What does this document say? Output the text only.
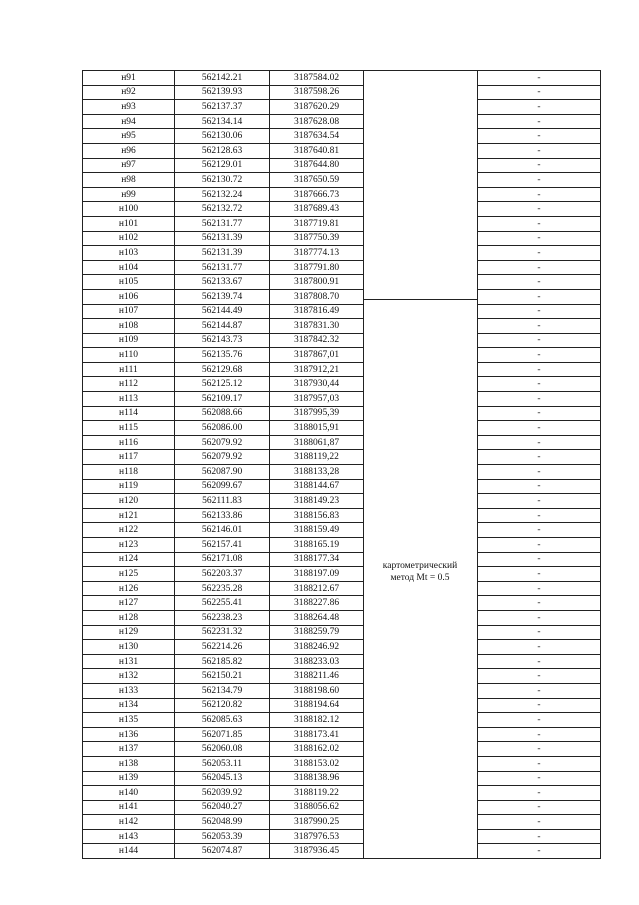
н91	562142.21	3187584.02		-
н92	562139.93	3187598.26		-
н93	562137.37	3187620.29		-
н94	562134.14	3187628.08		-
н95	562130.06	3187634.54		-
н96	562128.63	3187640.81		-
н97	562129.01	3187644.80		-
н98	562130.72	3187650.59		-
н99	562132.24	3187666.73		-
н100	562132.72	3187689.43		-
н101	562131.77	3187719.81		-
н102	562131.39	3187750.39		-
н103	562131.39	3187774.13		-
н104	562131.77	3187791.80		-
н105	562133.67	3187800.91		-
н106	562139.74	3187808.70		-
н107	562144.49	3187816.49		-
н108	562144.87	3187831.30		-
н109	562143.73	3187842.32		-
н110	562135.76	3187867,01		-
н111	562129.68	3187912,21		-
н112	562125.12	3187930,44		-
н113	562109.17	3187957,03		-
н114	562088.66	3187995,39		-
н115	562086.00	3188015,91		-
н116	562079.92	3188061,87		-
н117	562079.92	3188119,22		-
н118	562087.90	3188133,28		-
н119	562099.67	3188144.67		-
н120	562111.83	3188149.23		-
н121	562133.86	3188156.83		-
н122	562146.01	3188159.49		-
н123	562157.41	3188165.19		-
н124	562171.08	3188177.34		-
н125	562203.37	3188197.09		-
н126	562235.28	3188212.67		-
н127	562255.41	3188227.86		-
н128	562238.23	3188264.48		-
н129	562231.32	3188259.79		-
н130	562214.26	3188246.92		-
н131	562185.82	3188233.03		-
н132	562150.21	3188211.46		-
н133	562134.79	3188198.60		-
н134	562120.82	3188194.64		-
н135	562085.63	3188182.12		-
н136	562071.85	3188173.41		-
н137	562060.08	3188162.02		-
н138	562053.11	3188153.02		-
н139	562045.13	3188138.96		-
н140	562039.92	3188119.22		-
н141	562040.27	3188056.62		-
н142	562048.99	3187990.25		-
н143	562053.39	3187976.53		-
н144	562074.87	3187936.45		-
картометрический
метод Mt = 0.5
